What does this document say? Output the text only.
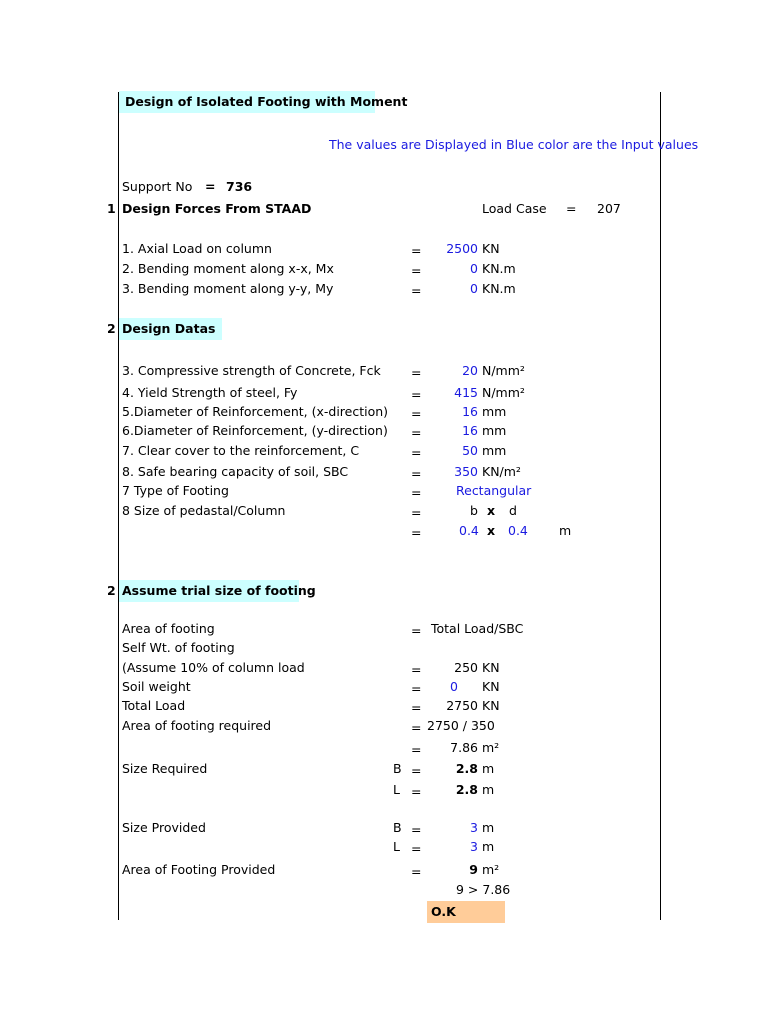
Design of Isolated Footing with Moment
The values are Displayed in Blue color are the Input values
Support No = 736
1 Design Forces From STAAD	Load Case = 207
1. Axial Load on column	=	2500 KN
2. Bending moment along x-x, Mx	=	0 KN.m
3. Bending moment along y-y, My	=	0 KN.m
2 Design Datas
3. Compressive strength of Concrete, Fck =	20 N/mm²
4. Yield Strength of steel, Fy	=	415 N/mm²
5.Diameter of Reinforcement, (x-direction) =	16 mm
6.Diameter of Reinforcement, (y-direction) =	16 mm
7. Clear cover to the reinforcement, C	=	50 mm
8. Safe bearing capacity of soil, SBC	=	350 KN/m²
7 Type of Footing	=	Rectangular
8 Size of pedastal/Column	=	b x d
=	0.4 x 0.4 m
2 Assume trial size of footing
Area of footing	= Total Load/SBC
Self Wt. of footing
(Assume 10% of column load	=	250 KN
Soil weight	= 0 KN
Total Load	=	2750 KN
Area of footing required	= 2750 / 350
=	7.86 m²
Size Required	B =	2.8 m
L =	2.8 m
Size Provided	B =	3 m
L =	3 m
Area of Footing Provided	=	9 m²
9 > 7.86
O.K
